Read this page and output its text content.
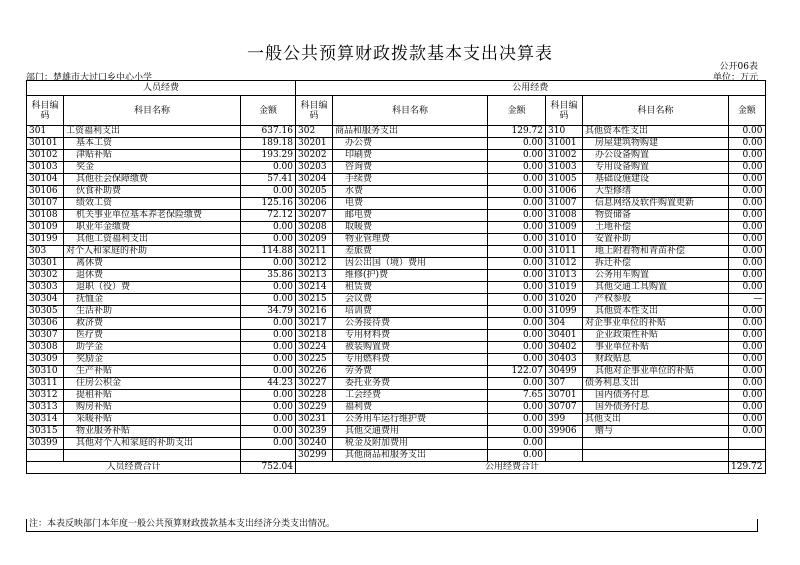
一般公共预算财政拨款基本支出决算表
公开06表
部门：楚雄市大过口乡中心小学	单位：万元
人员经费			公用经费					
科目编码	科目名称	金额	科目编码	科目名称	金额	科目编码	科目名称	金额
301	工资福利支出	637.16	302	商品和服务支出	129.72	310	其他资本性支出	0.00
30101	基本工资	189.18	30201	办公费	0.00	31001	房屋建筑物购建	0.00
30102	津贴补贴	193.29	30202	印刷费	0.00	31002	办公设备购置	0.00
30103	奖金	0.00	30203	咨询费	0.00	31003	专用设备购置	0.00
30104	其他社会保障缴费	57.41	30204	手续费	0.00	31005	基础设施建设	0.00
30106	伙食补助费	0.00	30205	水费	0.00	31006	大型修缮	0.00
30107	绩效工资	125.16	30206	电费	0.00	31007	信息网络及软件购置更新	0.00
30108	机关事业单位基本养老保险缴费	72.12	30207	邮电费	0.00	31008	物资储备	0.00
30109	职业年金缴费	0.00	30208	取暖费	0.00	31009	土地补偿	0.00
30199	其他工资福利支出	0.00	30209	物业管理费	0.00	31010	安置补助	0.00
303	对个人和家庭的补助	114.88	30211	差旅费	0.00	31011	地上附着物和青苗补偿	0.00
30301	离休费	0.00	30212	因公出国（境）费用	0.00	31012	拆迁补偿	0.00
30302	退休费	35.86	30213	维修(护)费	0.00	31013	公务用车购置	0.00
30303	退职（役）费	0.00	30214	租赁费	0.00	31019	其他交通工具购置	0.00
30304	抚恤金	0.00	30215	会议费	0.00	31020	产权参股	—
30305	生活补助	34.79	30216	培训费	0.00	31099	其他资本性支出	0.00
30306	救济费	0.00	30217	公务接待费	0.00	304	对企事业单位的补贴	0.00
30307	医疗费	0.00	30218	专用材料费	0.00	30401	企业政策性补贴	0.00
30308	助学金	0.00	30224	被装购置费	0.00	30402	事业单位补贴	0.00
30309	奖励金	0.00	30225	专用燃料费	0.00	30403	财政贴息	0.00
30310	生产补贴	0.00	30226	劳务费	122.07	30499	其他对企事业单位的补贴	0.00
30311	住房公积金	44.23	30227	委托业务费	0.00	307	债务利息支出	0.00
30312	提租补贴	0.00	30228	工会经费	7.65	30701	国内债务付息	0.00
30313	购房补贴	0.00	30229	福利费	0.00	30707	国外债务付息	0.00
30314	采暖补贴	0.00	30231	公务用车运行维护费	0.00	399	其他支出	0.00
30315	物业服务补贴	0.00	30239	其他交通费用	0.00	39906	赠与	0.00
30399	其他对个人和家庭的补助支出	0.00	30240	税金及附加费用	0.00			
			30299	其他商品和服务支出	0.00			
人员经费合计		752.04	公用经费合计					129.72
注：本表反映部门本年度一般公共预算财政拨款基本支出经济分类支出情况。
